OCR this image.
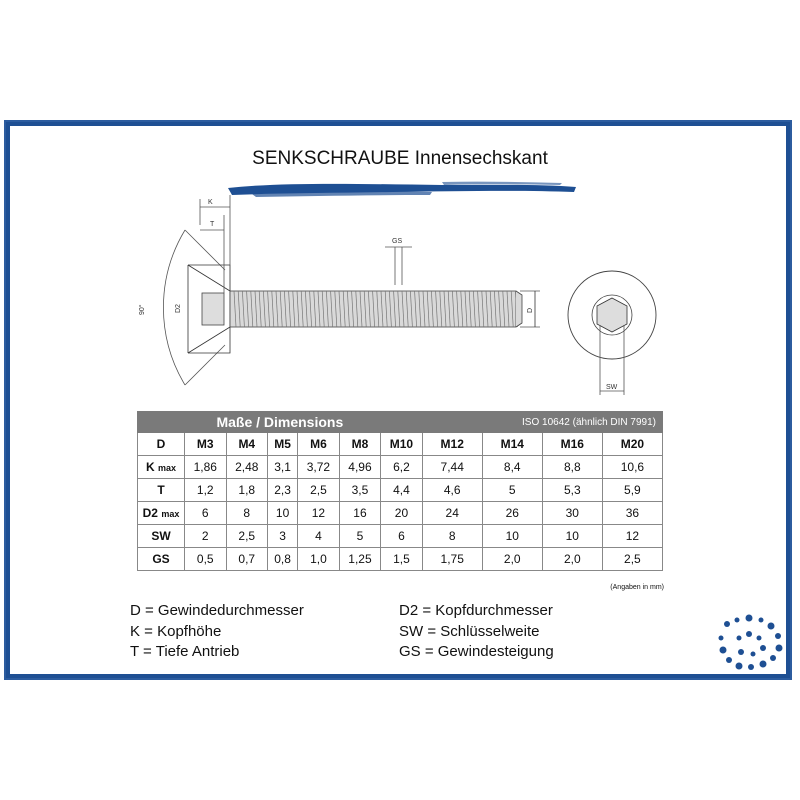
SENKSCHRAUBE Innensechskant
K
T
GS
D2	D
90°
SW
Maße / Dimensions							ISO 10642 (ähnlich DIN 7991)			
D	M3	M4	M5	M6	M8	M10	M12	M14	M16	M20
K max	1,86	2,48	3,1	3,72	4,96	6,2	7,44	8,4	8,8	10,6
T	1,2	1,8	2,3	2,5	3,5	4,4	4,6	5	5,3	5,9
D2 max	6	8	10	12	16	20	24	26	30	36
SW	2	2,5	3	4	5	6	8	10	10	12
GS	0,5	0,7	0,8	1,0	1,25	1,5	1,75	2,0	2,0	2,5
(Angaben in mm)
D = Gewindedurchmesser
K = Kopfhöhe
T = Tiefe Antrieb
D2 = Kopfdurchmesser
SW = Schlüsselweite
GS = Gewindesteigung
